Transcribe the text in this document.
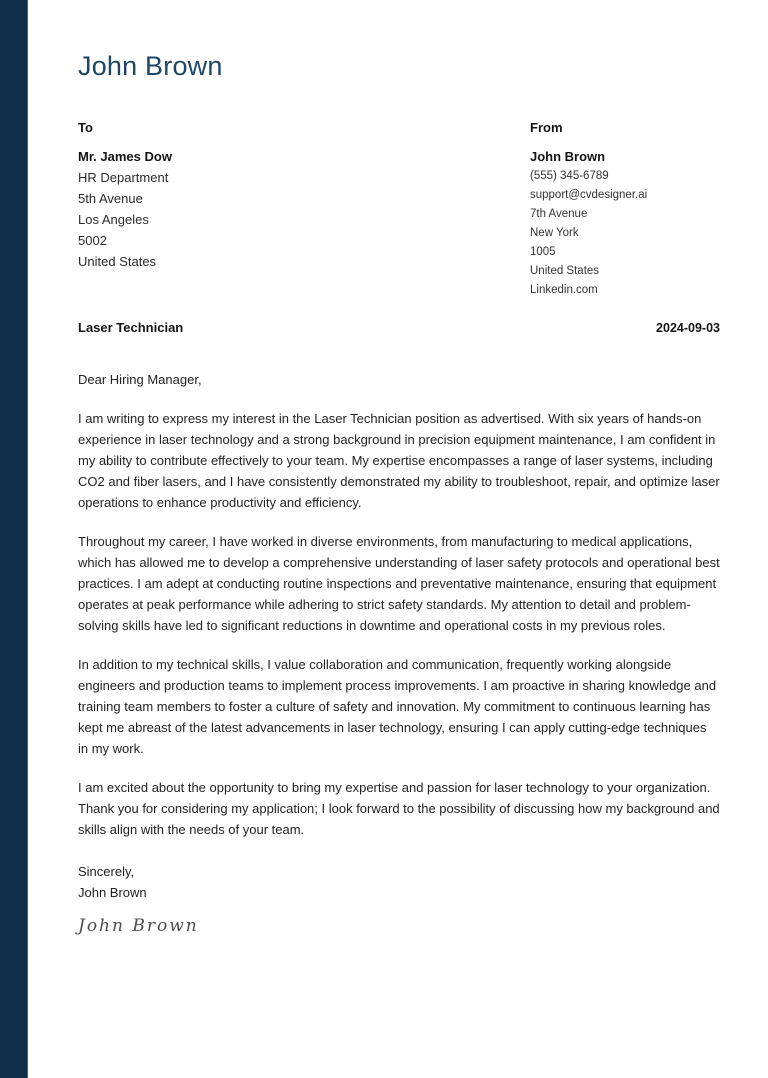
John Brown
To
Mr. James Dow
HR Department
5th Avenue
Los Angeles
5002
United States
From
John Brown
(555) 345-6789
support@cvdesigner.ai
7th Avenue
New York
1005
United States
Linkedin.com
Laser Technician	2024-09-03
Dear Hiring Manager,
I am writing to express my interest in the Laser Technician position as advertised. With six years of hands-on experience in laser technology and a strong background in precision equipment maintenance, I am confident in my ability to contribute effectively to your team. My expertise encompasses a range of laser systems, including CO2 and fiber lasers, and I have consistently demonstrated my ability to troubleshoot, repair, and optimize laser operations to enhance productivity and efficiency.
Throughout my career, I have worked in diverse environments, from manufacturing to medical applications, which has allowed me to develop a comprehensive understanding of laser safety protocols and operational best practices. I am adept at conducting routine inspections and preventative maintenance, ensuring that equipment operates at peak performance while adhering to strict safety standards. My attention to detail and problem-solving skills have led to significant reductions in downtime and operational costs in my previous roles.
In addition to my technical skills, I value collaboration and communication, frequently working alongside engineers and production teams to implement process improvements. I am proactive in sharing knowledge and training team members to foster a culture of safety and innovation. My commitment to continuous learning has kept me abreast of the latest advancements in laser technology, ensuring I can apply cutting-edge techniques in my work.
I am excited about the opportunity to bring my expertise and passion for laser technology to your organization. Thank you for considering my application; I look forward to the possibility of discussing how my background and skills align with the needs of your team.
Sincerely,
John Brown
John Brown
